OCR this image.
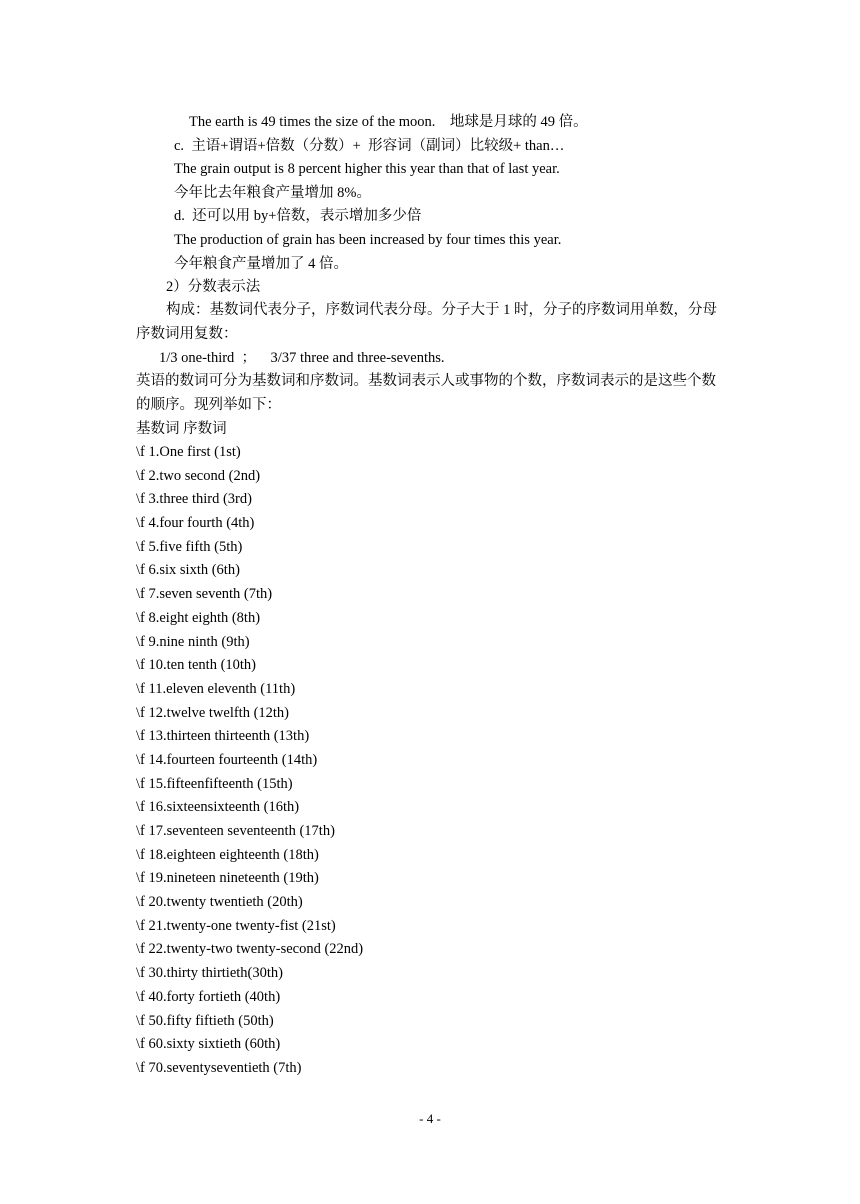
The earth is 49 times the size of the moon.    地球是月球的 49 倍。
c.  主语+谓语+倍数（分数）+  形容词（副词）比较级+ than…
The grain output is 8 percent higher this year than that of last year.
今年比去年粮食产量增加 8%。
d.  还可以用 by+倍数，表示增加多少倍
The production of grain has been increased by four times this year.
今年粮食产量增加了 4 倍。
2）分数表示法
构成：基数词代表分子，序数词代表分母。分子大于 1 时，分子的序数词用单数，分母序数词用复数：
1/3 one-third  ；    3/37 three and three-sevenths.
英语的数词可分为基数词和序数词。基数词表示人或事物的个数，序数词表示的是这些个数的顺序。现列举如下：
基数词 序数词
\f 1.One first (1st)
\f 2.two second (2nd)
\f 3.three third (3rd)
\f 4.four fourth (4th)
\f 5.five fifth (5th)
\f 6.six sixth (6th)
\f 7.seven seventh (7th)
\f 8.eight eighth (8th)
\f 9.nine ninth (9th)
\f 10.ten tenth (10th)
\f 11.eleven eleventh (11th)
\f 12.twelve twelfth (12th)
\f 13.thirteen thirteenth (13th)
\f 14.fourteen fourteenth (14th)
\f 15.fifteenfifteenth (15th)
\f 16.sixteensixteenth (16th)
\f 17.seventeen seventeenth (17th)
\f 18.eighteen eighteenth (18th)
\f 19.nineteen nineteenth (19th)
\f 20.twenty twentieth (20th)
\f 21.twenty-one twenty-fist (21st)
\f 22.twenty-two twenty-second (22nd)
\f 30.thirty thirtieth(30th)
\f 40.forty fortieth (40th)
\f 50.fifty fiftieth (50th)
\f 60.sixty sixtieth (60th)
\f 70.seventyseventieth (7th)
- 4 -
